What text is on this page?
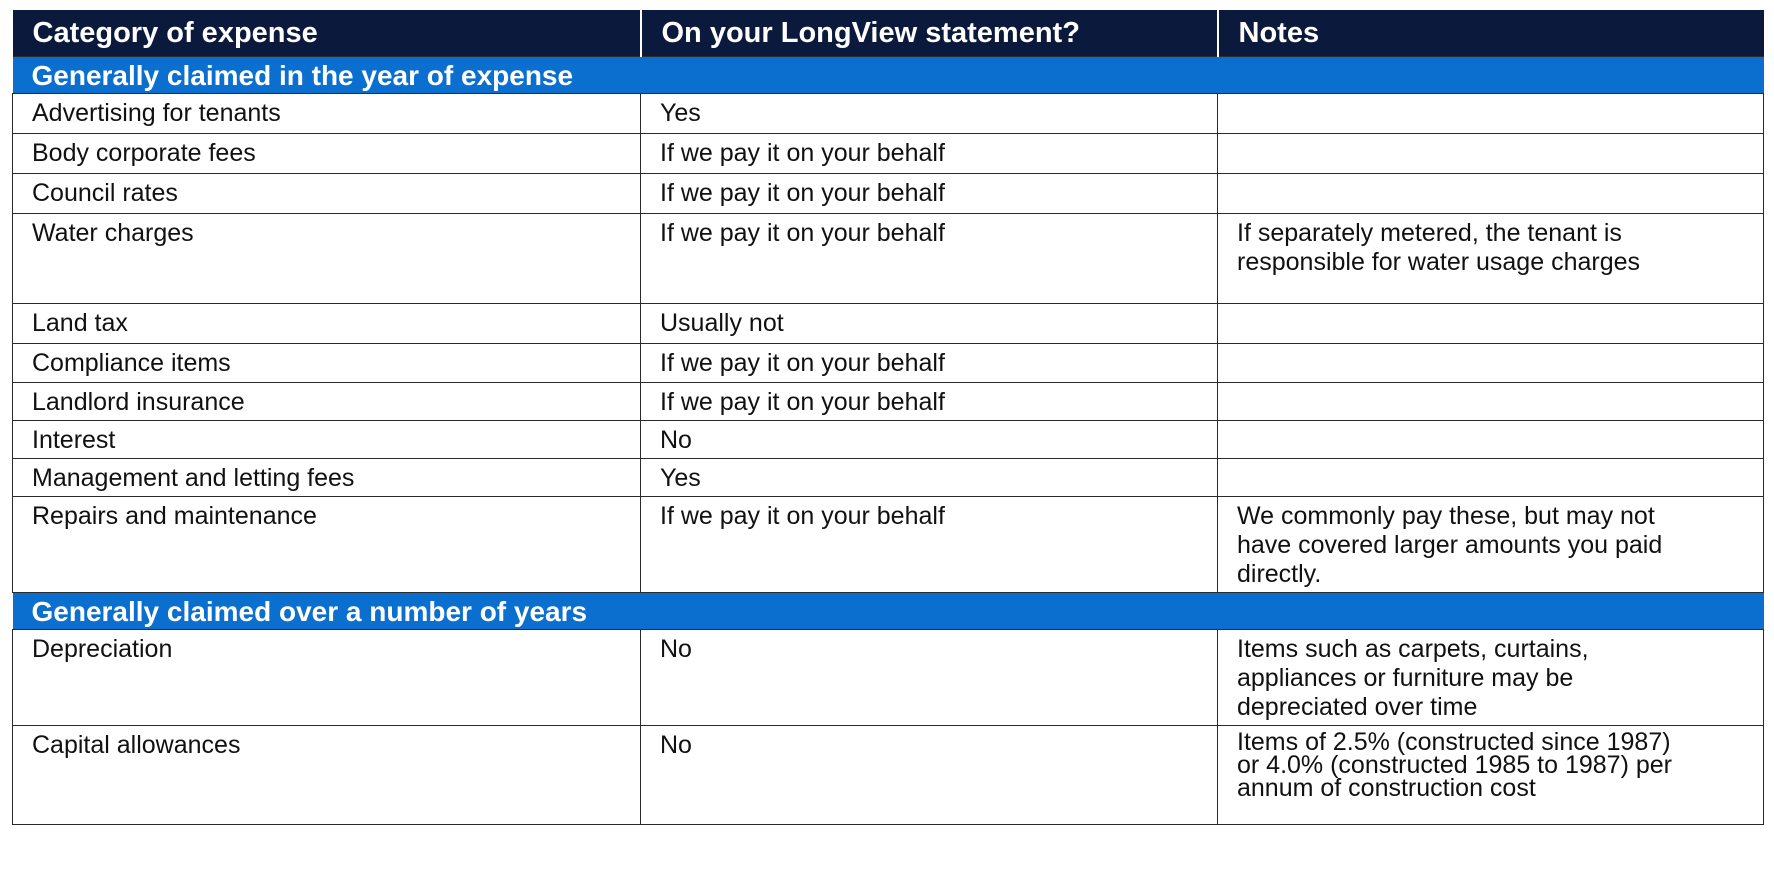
Category of expense	On your LongView statement?	Notes
Generally claimed in the year of expense		
Advertising for tenants	Yes	
Body corporate fees	If we pay it on your behalf	
Council rates	If we pay it on your behalf	
Water charges	If we pay it on your behalf	If separately metered, the tenant is responsible for water usage charges
Land tax	Usually not	
Compliance items	If we pay it on your behalf	
Landlord insurance	If we pay it on your behalf	
Interest	No	
Management and letting fees	Yes	
Repairs and maintenance	If we pay it on your behalf	We commonly pay these, but may not have covered larger amounts you paid directly.
Generally claimed over a number of years		
Depreciation	No	Items such as carpets, curtains, appliances or furniture may be depreciated over time
Capital allowances	No	Items of 2.5% (constructed since 1987) or 4.0% (constructed 1985 to 1987) per annum of construction cost
